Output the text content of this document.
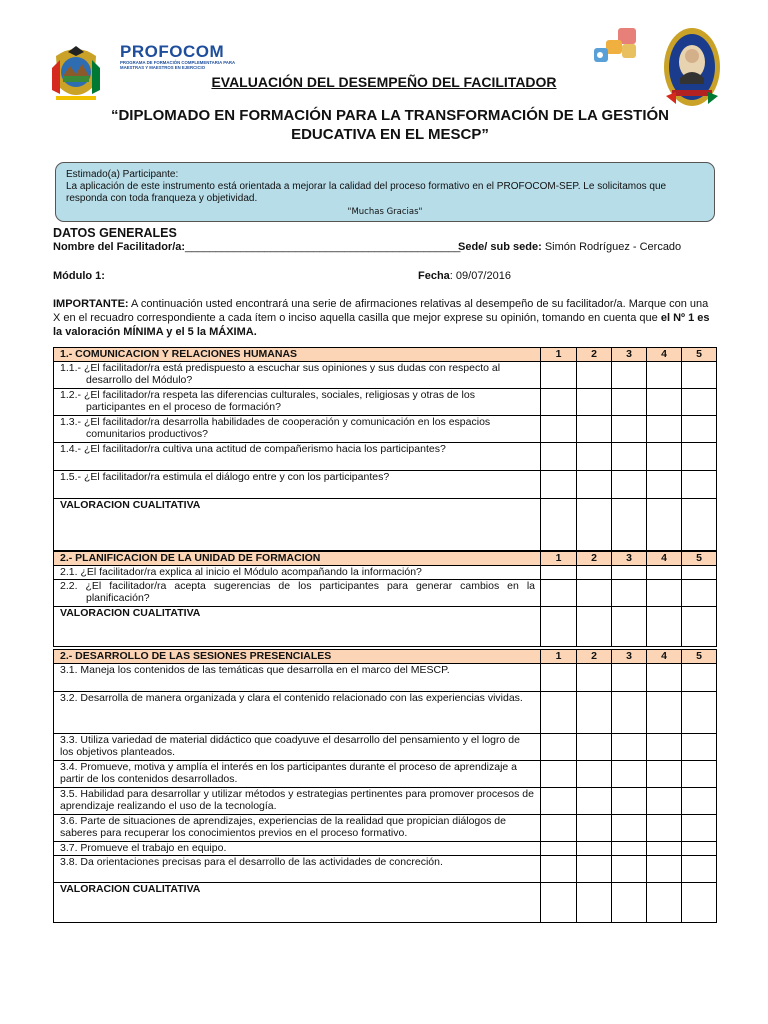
PROFOCOM
PROGRAMA DE FORMACIÓN COMPLEMENTARIA PARA MAESTRAS Y MAESTROS EN EJERCICIO
EVALUACIÓN DEL DESEMPEÑO DEL FACILITADOR
“DIPLOMADO EN FORMACIÓN PARA LA TRANSFORMACIÓN DE LA GESTIÓN
EDUCATIVA EN EL MESCP”
Estimado(a) Participante:
La aplicación de este instrumento está orientada a mejorar la calidad del proceso formativo en el PROFOCOM-SEP. Le solicitamos que responda con toda franqueza y objetividad.
"Muchas Gracias"
DATOS GENERALES
Nombre del Facilitador/a:_____________________________________________
Sede/ sub sede: Simón Rodríguez - Cercado
Módulo 1:	Fecha: 09/07/2016
IMPORTANTE: A continuación usted encontrará una serie de afirmaciones relativas al desempeño de su facilitador/a. Marque con una X en el recuadro correspondiente a cada ítem o inciso aquella casilla que mejor exprese su opinión, tomando en cuenta que el Nº 1 es la valoración MÍNIMA y el 5 la MÁXIMA.
1.- COMUNICACION Y RELACIONES HUMANAS	1	2	3	4	5

1.1.- ¿El facilitador/ra está predispuesto a escuchar sus opiniones y sus dudas con respecto al desarrollo del Módulo?					

1.2.- ¿El facilitador/ra respeta las diferencias culturales, sociales, religiosas y otras de los participantes en el proceso de formación?					

1.3.- ¿El facilitador/ra desarrolla habilidades de cooperación y comunicación en los espacios comunitarios productivos?					

1.4.- ¿El facilitador/ra cultiva una actitud de compañerismo hacia los participantes?					
1.5.- ¿El facilitador/ra estimula el diálogo entre y con los participantes?					
VALORACION CUALITATIVA					
2.- PLANIFICACION DE LA UNIDAD DE FORMACION	1	2	3	4	5
2.1. ¿El facilitador/ra explica al inicio el Módulo acompañando la información?					

2.2. ¿El facilitador/ra acepta sugerencias de los participantes para generar cambios en la planificación?					

VALORACION CUALITATIVA					
2.- DESARROLLO DE LAS SESIONES PRESENCIALES	1	2	3	4	5
3.1. Maneja los contenidos de las temáticas que desarrolla en el marco del MESCP.					
3.2. Desarrolla de manera organizada y clara el contenido relacionado con las experiencias vividas.					
3.3. Utiliza variedad de material didáctico que coadyuve el desarrollo del pensamiento y el logro de los objetivos planteados.					
3.4. Promueve, motiva y amplía el interés en los participantes durante el proceso de aprendizaje a partir de los contenidos desarrollados.					
3.5. Habilidad para desarrollar y utilizar métodos y estrategias pertinentes para promover procesos de aprendizaje realizando el uso de la tecnología.					
3.6. Parte de situaciones de aprendizajes, experiencias de la realidad que propician diálogos de saberes para recuperar los conocimientos previos en el proceso formativo.					
3.7. Promueve el trabajo en equipo.					
3.8. Da orientaciones precisas para el desarrollo de las actividades de concreción.					
VALORACION CUALITATIVA					
